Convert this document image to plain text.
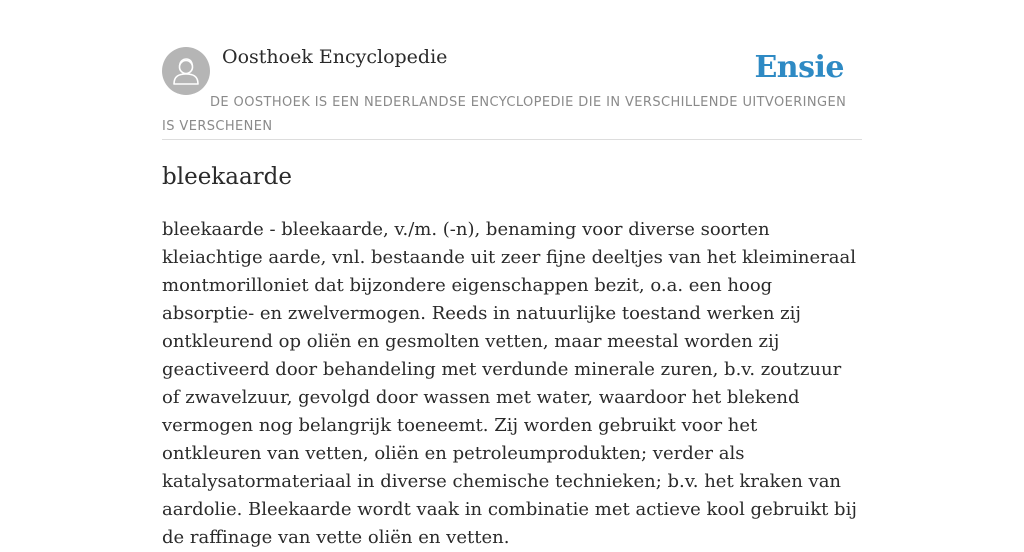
Oosthoek Encyclopedie	Ensie
DE OOSTHOEK IS EEN NEDERLANDSE ENCYCLOPEDIE DIE IN VERSCHILLENDE UITVOERINGEN IS VERSCHENEN
bleekaarde

bleekaarde - bleekaarde, v./m. (-n), benaming voor diverse soorten kleiachtige aarde, vnl. bestaande uit zeer fijne deeltjes van het kleimineraal montmorilloniet dat bijzondere eigenschappen bezit, o.a. een hoog absorptie- en zwelvermogen. Reeds in natuurlijke toestand werken zij ontkleurend op oliën en gesmolten vetten, maar meestal worden zij geactiveerd door behandeling met verdunde minerale zuren, b.v. zoutzuur of zwavelzuur, gevolgd door wassen met water, waardoor het blekend vermogen nog belangrijk toeneemt. Zij worden gebruikt voor het ontkleuren van vetten, oliën en petroleumprodukten; verder als katalysatormateriaal in diverse chemische technieken; b.v. het kraken van aardolie. Bleekaarde wordt vaak in combinatie met actieve kool gebruikt bij de raffinage van vette oliën en vetten.
